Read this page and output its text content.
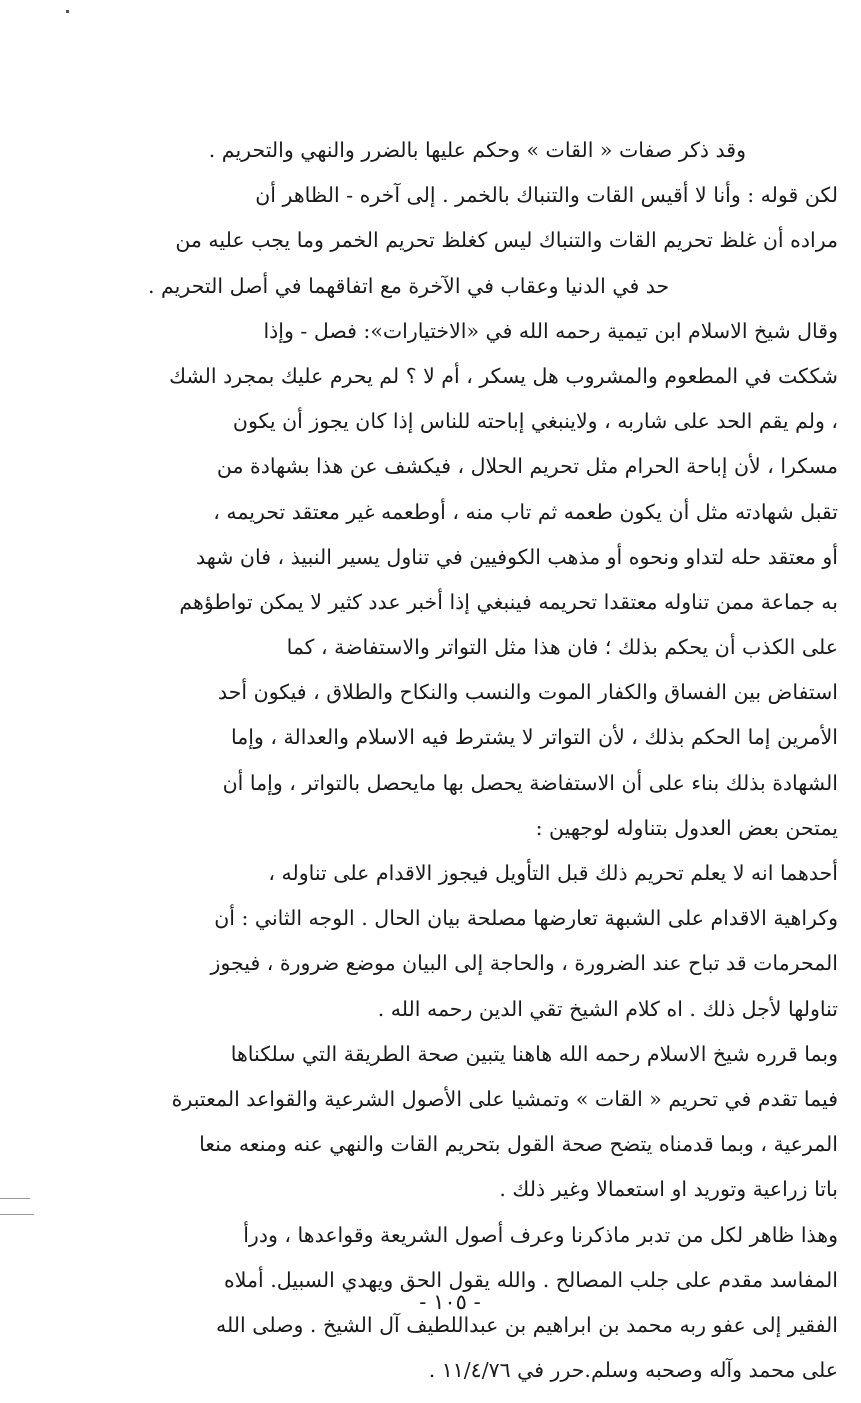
وقد ذكر صفات « القات » وحكم عليها بالضرر والنهي والتحريم .
لكن قوله : وأنا لا أقيس القات والتنباك بالخمر . إلى آخره - الظاهر أن
مراده أن غلظ تحريم القات والتنباك ليس كغلظ تحريم الخمر وما يجب عليه من
حد في الدنيا وعقاب في الآخرة مع اتفاقهما في أصل التحريم .
وقال شيخ الاسلام ابن تيمية رحمه الله في «الاختيارات»: فصل - وإذا
شككت في المطعوم والمشروب هل يسكر ، أم لا ؟ لم يحرم عليك بمجرد الشك
، ولم يقم الحد على شاربه ، ولاينبغي إباحته للناس إذا كان يجوز أن يكون
مسكرا ، لأن إباحة الحرام مثل تحريم الحلال ، فيكشف عن هذا بشهادة من
تقبل شهادته مثل أن يكون طعمه ثم تاب منه ، أوطعمه غير معتقد تحريمه ،
أو معتقد حله لتداو ونحوه أو مذهب الكوفيين في تناول يسير النبيذ ، فان شهد
به جماعة ممن تناوله معتقدا تحريمه فينبغي إذا أخبر عدد كثير لا يمكن تواطؤهم
على الكذب أن يحكم بذلك ؛ فان هذا مثل التواتر والاستفاضة ، كما
استفاض بين الفساق والكفار الموت والنسب والنكاح والطلاق ، فيكون أحد
الأمرين إما الحكم بذلك ، لأن التواتر لا يشترط فيه الاسلام والعدالة ، وإما
الشهادة بذلك بناء على أن الاستفاضة يحصل بها مايحصل بالتواتر ، وإما أن
يمتحن بعض العدول بتناوله لوجهين :
أحدهما انه لا يعلم تحريم ذلك قبل التأويل فيجوز الاقدام على تناوله ،
وكراهية الاقدام على الشبهة تعارضها مصلحة بيان الحال . الوجه الثاني : أن
المحرمات قد تباح عند الضرورة ، والحاجة إلى البيان موضع ضرورة ، فيجوز
تناولها لأجل ذلك . اه كلام الشيخ تقي الدين رحمه الله .
وبما قرره شيخ الاسلام رحمه الله هاهنا يتبين صحة الطريقة التي سلكناها
فيما تقدم في تحريم « القات » وتمشيا على الأصول الشرعية والقواعد المعتبرة
المرعية ، وبما قدمناه يتضح صحة القول بتحريم القات والنهي عنه ومنعه منعا
باتا زراعية وتوريد او استعمالا وغير ذلك .
وهذا ظاهر لكل من تدبر ماذكرنا وعرف أصول الشريعة وقواعدها ، ودرأ
المفاسد مقدم على جلب المصالح . والله يقول الحق ويهدي السبيل. أملاه
الفقير إلى عفو ربه محمد بن ابراهيم بن عبداللطيف آل الشيخ . وصلى الله
على محمد وآله وصحبه وسلم.حرر في ١١/٤/٧٦ .
- ١٠٥ -
